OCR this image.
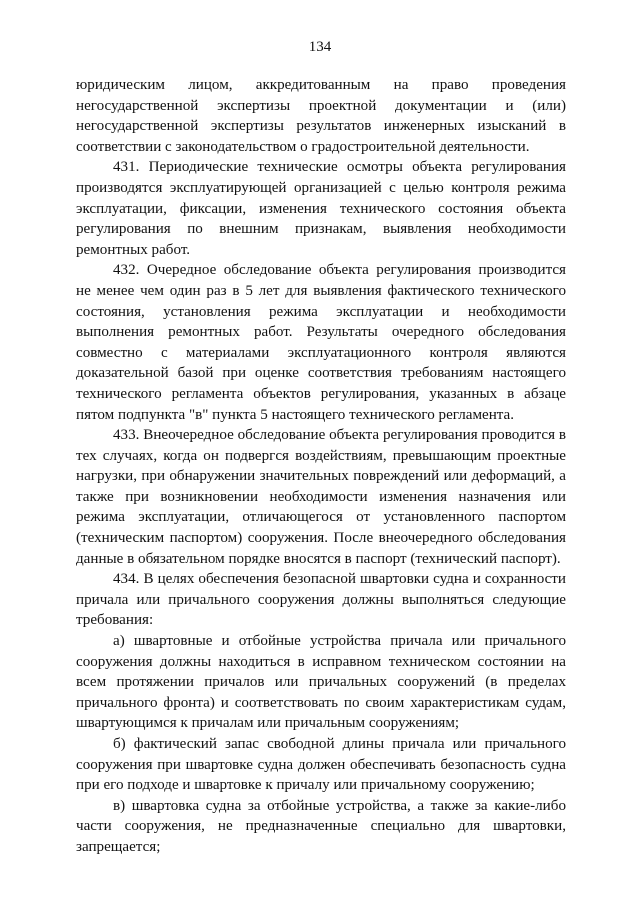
134

юридическим лицом, аккредитованным на право проведения негосударственной экспертизы проектной документации и (или) негосударственной экспертизы результатов инженерных изысканий в соответствии с законодательством о градостроительной деятельности.

431. Периодические технические осмотры объекта регулирования производятся эксплуатирующей организацией с целью контроля режима эксплуатации, фиксации, изменения технического состояния объекта регулирования по внешним признакам, выявления необходимости ремонтных работ.

432. Очередное обследование объекта регулирования производится не менее чем один раз в 5 лет для выявления фактического технического состояния, установления режима эксплуатации и необходимости выполнения ремонтных работ. Результаты очередного обследования совместно с материалами эксплуатационного контроля являются доказательной базой при оценке соответствия требованиям настоящего технического регламента объектов регулирования, указанных в абзаце пятом подпункта "в" пункта 5 настоящего технического регламента.

433. Внеочередное обследование объекта регулирования проводится в тех случаях, когда он подвергся воздействиям, превышающим проектные нагрузки, при обнаружении значительных повреждений или деформаций, а также при возникновении необходимости изменения назначения или режима эксплуатации, отличающегося от установленного паспортом (техническим паспортом) сооружения. После внеочередного обследования данные в обязательном порядке вносятся в паспорт (технический паспорт).

434. В целях обеспечения безопасной швартовки судна и сохранности причала или причального сооружения должны выполняться следующие требования:

а) швартовные и отбойные устройства причала или причального сооружения должны находиться в исправном техническом состоянии на всем протяжении причалов или причальных сооружений (в пределах причального фронта) и соответствовать по своим характеристикам судам, швартующимся к причалам или причальным сооружениям;

б) фактический запас свободной длины причала или причального сооружения при швартовке судна должен обеспечивать безопасность судна при его подходе и швартовке к причалу или причальному сооружению;

в) швартовка судна за отбойные устройства, а также за какие-либо части сооружения, не предназначенные специально для швартовки, запрещается;
